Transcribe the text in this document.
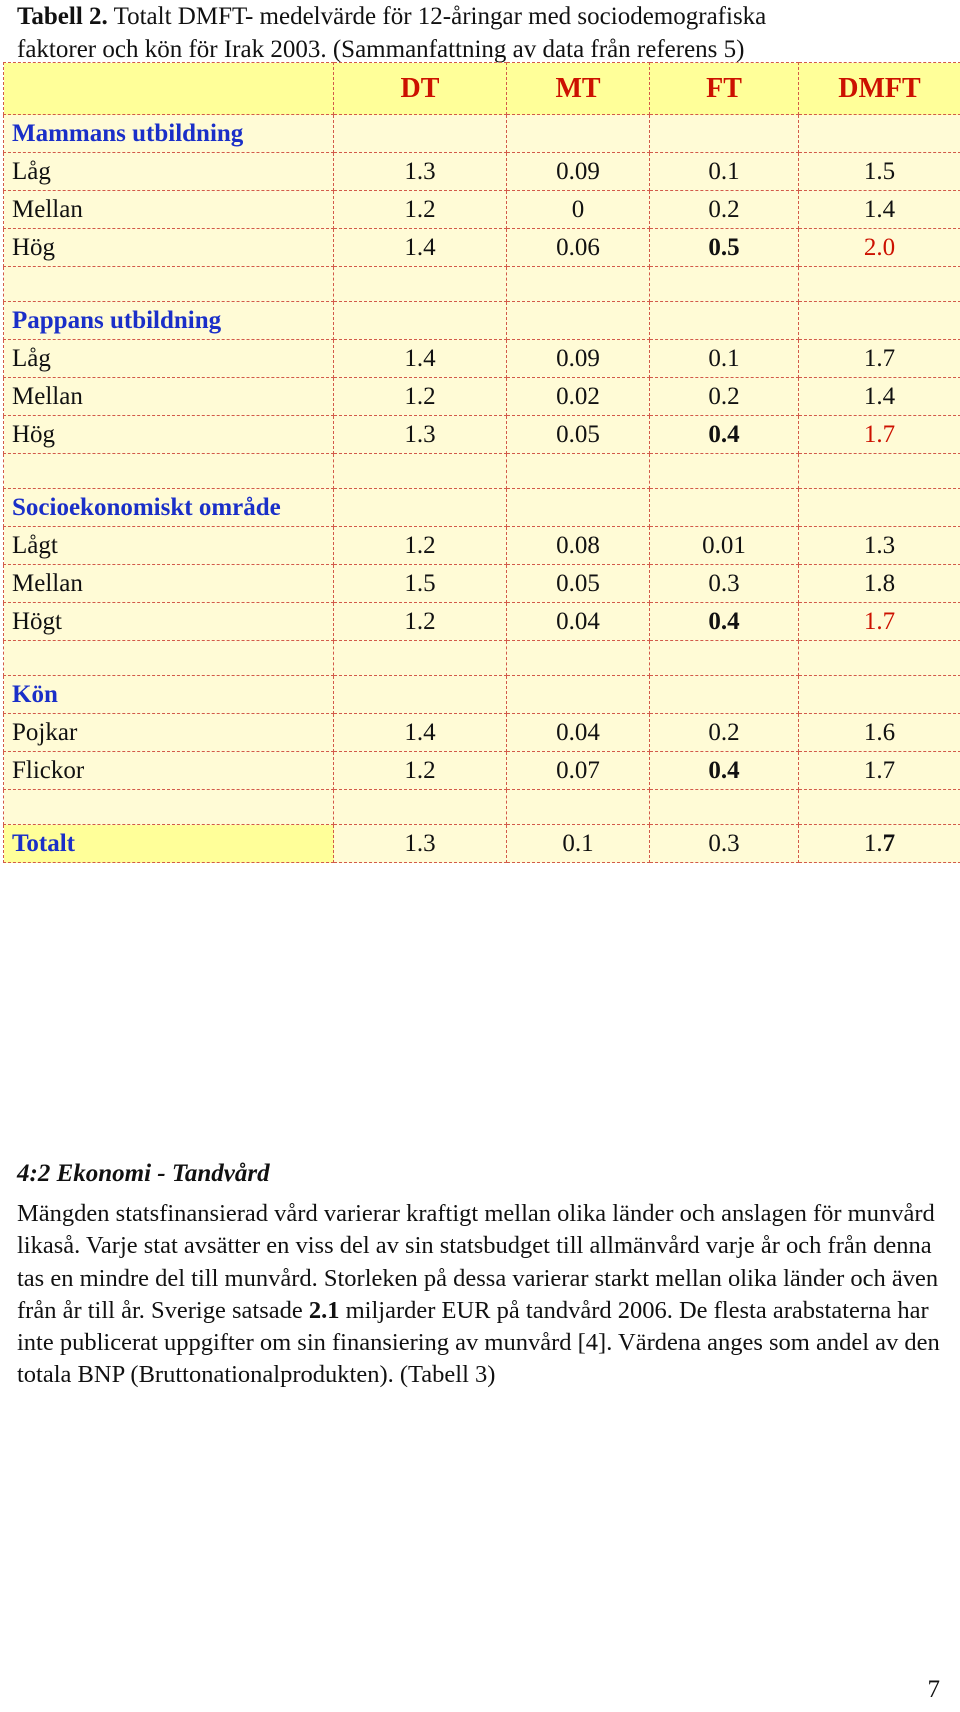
Tabell 2. Totalt DMFT- medelvärde för 12-åringar med sociodemografiska
faktorer och kön för Irak 2003. (Sammanfattning av data från referens 5)
	DT	MT	FT	DMFT
Mammans utbildning				
Låg	1.3	0.09	0.1	1.5
Mellan	1.2	0	0.2	1.4
Hög	1.4	0.06	0.5	2.0

Pappans utbildning				
Låg	1.4	0.09	0.1	1.7
Mellan	1.2	0.02	0.2	1.4
Hög	1.3	0.05	0.4	1.7

Socioekonomiskt område				
Lågt	1.2	0.08	0.01	1.3
Mellan	1.5	0.05	0.3	1.8
Högt	1.2	0.04	0.4	1.7

Kön				
Pojkar	1.4	0.04	0.2	1.6
Flickor	1.2	0.07	0.4	1.7

Totalt	1.3	0.1	0.3	1.7
4:2 Ekonomi - Tandvård
Mängden statsfinansierad vård varierar kraftigt mellan olika länder och anslagen för munvård likaså. Varje stat avsätter en viss del av sin statsbudget till allmänvård varje år och från denna tas en mindre del till munvård. Storleken på dessa varierar starkt mellan olika länder och även från år till år. Sverige satsade 2.1 miljarder EUR på tandvård 2006. De flesta arabstaterna har inte publicerat uppgifter om sin finansiering av munvård [4]. Värdena anges som andel av den totala BNP (Bruttonationalprodukten). (Tabell 3)
7
